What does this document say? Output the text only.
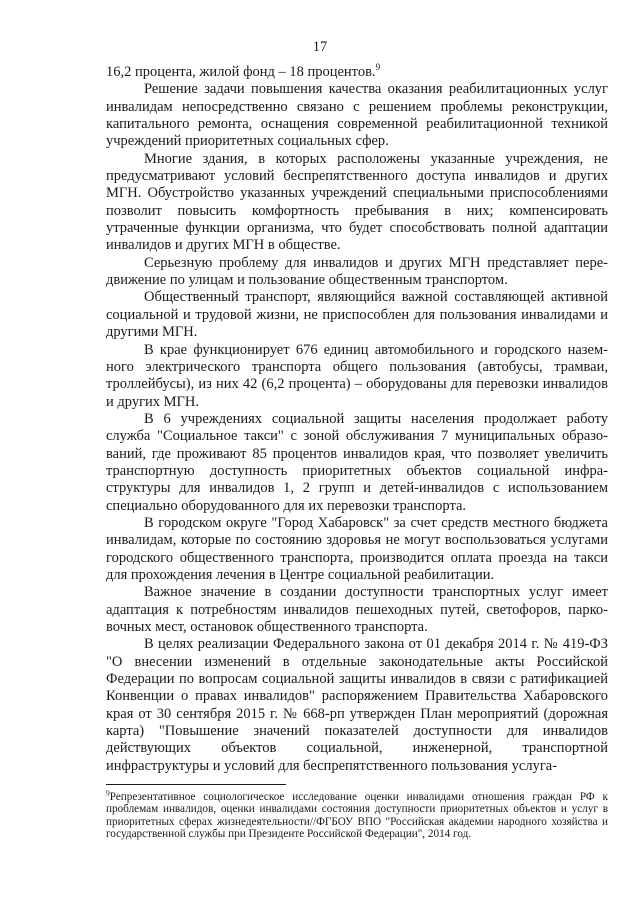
17

16,2 процента, жилой фонд – 18 процентов.$^9$

Решение задачи повышения качества оказания реабилитационных услуг инвалидам непосредственно связано с решением проблемы реконструкции, капитального ремонта, оснащения современной реабилитационной техникой учреждений приоритетных социальных сфер.

Многие здания, в которых расположены указанные учреждения, не предусматривают условий беспрепятственного доступа инвалидов и других МГН. Обустройство указанных учреждений специальными приспособлениями позволит повысить комфортность пребывания в них; компенсировать утраченные функции организма, что будет способствовать полной адаптации инвалидов и других МГН в обществе.

Серьезную проблему для инвалидов и других МГН представляет передвижение по улицам и пользование общественным транспортом.

Общественный транспорт, являющийся важной составляющей активной социальной и трудовой жизни, не приспособлен для пользования инвалидами и другими МГН.

В крае функционирует 676 единиц автомобильного и городского наземного электрического транспорта общего пользования (автобусы, трамваи, троллейбусы), из них 42 (6,2 процента) – оборудованы для перевозки инвалидов и других МГН.

В 6 учреждениях социальной защиты населения продолжает работу служба "Социальное такси" с зоной обслуживания 7 муниципальных образований, где проживают 85 процентов инвалидов края, что позволяет увеличить транспортную доступность приоритетных объектов социальной инфраструктуры для инвалидов 1, 2 групп и детей-инвалидов с использованием специально оборудованного для их перевозки транспорта.

В городском округе "Город Хабаровск" за счет средств местного бюджета инвалидам, которые по состоянию здоровья не могут воспользоваться услугами городского общественного транспорта, производится оплата проезда на такси для прохождения лечения в Центре социальной реабилитации.

Важное значение в создании доступности транспортных услуг имеет адаптация к потребностям инвалидов пешеходных путей, светофоров, парковочных мест, остановок общественного транспорта.

В целях реализации Федерального закона от 01 декабря 2014 г. № 419-ФЗ "О внесении изменений в отдельные законодательные акты Российской Федерации по вопросам социальной защиты инвалидов в связи с ратификацией Конвенции о правах инвалидов" распоряжением Правительства Хабаровского края от 30 сентября 2015 г. № 668-рп утвержден План мероприятий (дорожная карта) "Повышение значений показателей доступности для инвалидов действующих объектов социальной, инженерной, транспортной инфраструктуры и условий для беспрепятственного пользования услуга-

$^9$Репрезентативное социологическое исследование оценки инвалидами отношения граждан РФ к проблемам инвалидов, оценки инвалидами состояния доступности приоритетных объектов и услуг в приоритетных сферах жизнедеятельности//ФГБОУ ВПО "Российская академии народного хозяйства и государственной службы при Президенте Российской Федерации", 2014 год.
